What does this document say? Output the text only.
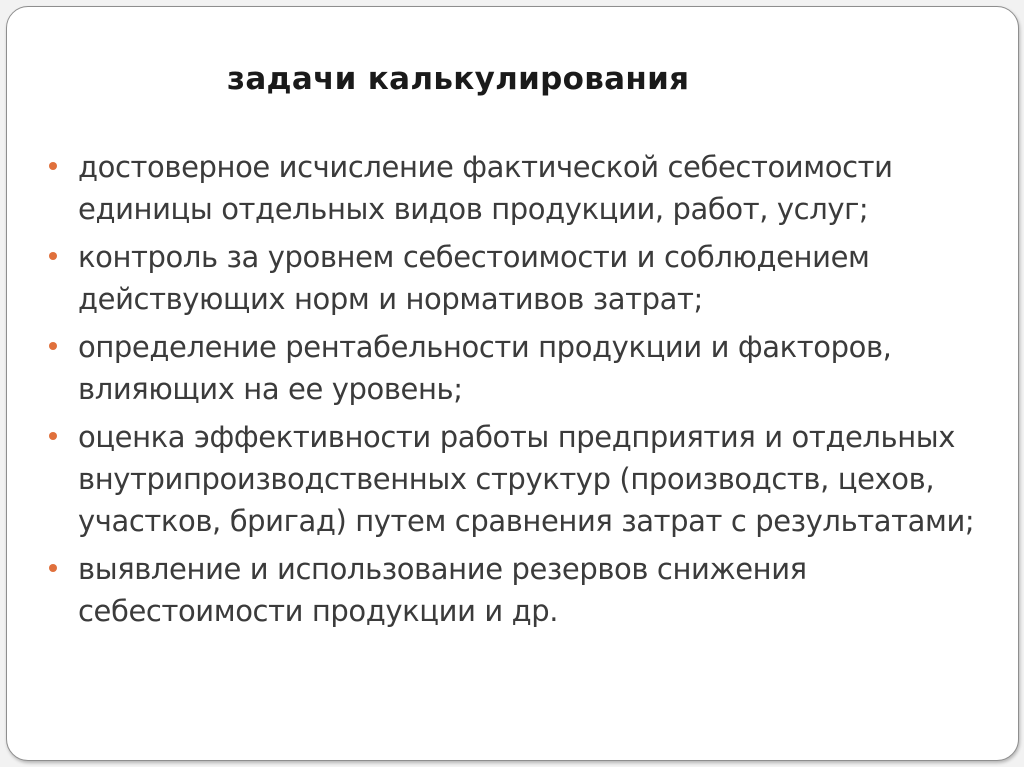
задачи калькулирования
достоверное исчисление фактической себестоимости единицы отдельных видов продукции, работ, услуг;
контроль за уровнем себестоимости и соблюдением действующих норм и нормативов затрат;
определение рентабельности продукции и факторов, влияющих на ее уровень;
оценка эффективности работы предприятия и отдельных внутрипроизводственных структур (производств, цехов, участков, бригад) путем сравнения затрат с результатами;
выявление и использование резервов снижения себестоимости продукции и др.
